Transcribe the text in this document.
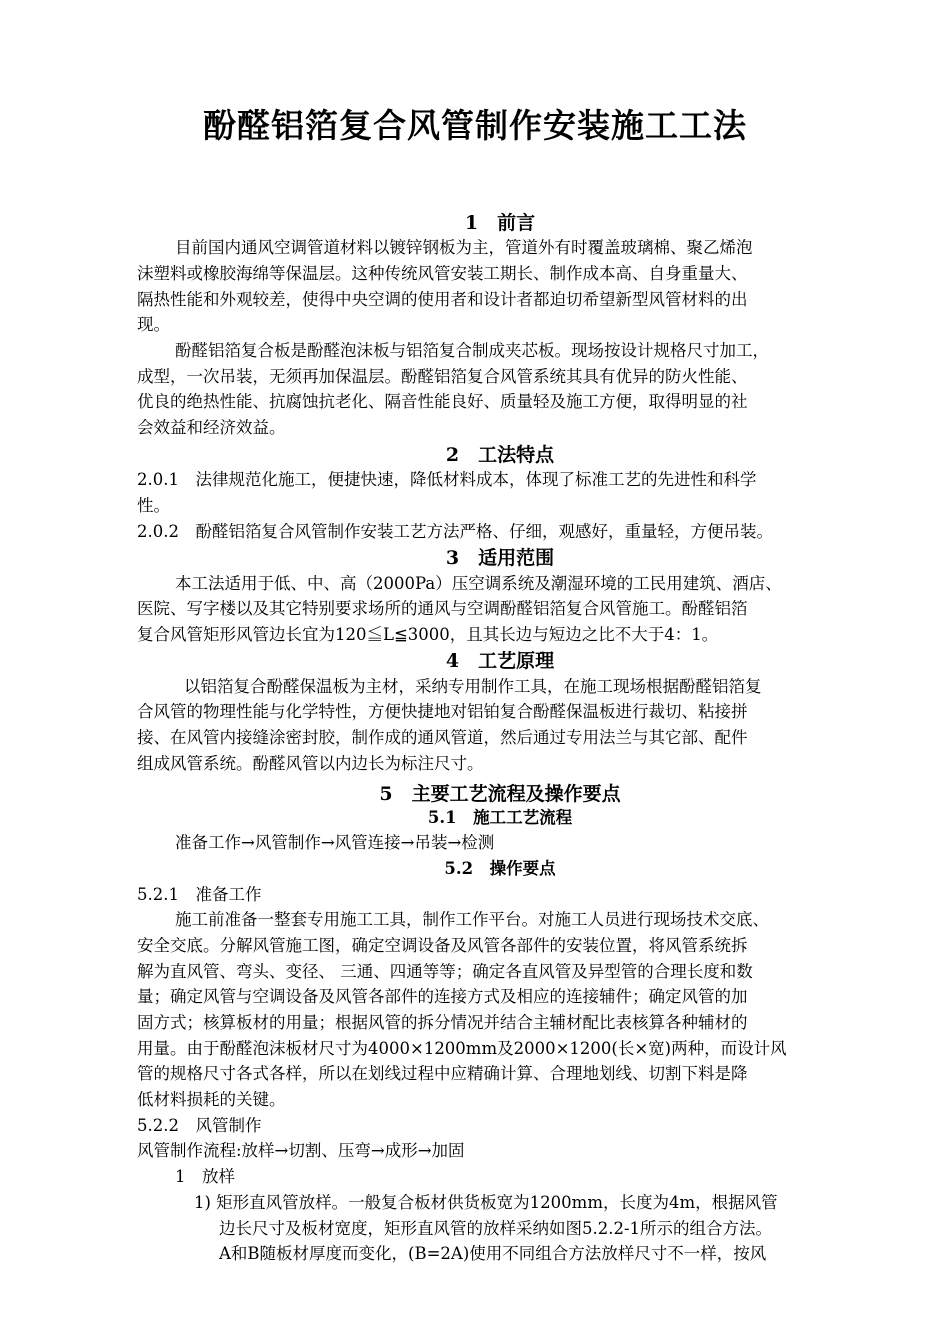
酚醛铝箔复合风管制作安装施工工法
1　前言
目前国内通风空调管道材料以镀锌钢板为主，管道外有时覆盖玻璃棉、聚乙烯泡
沫塑料或橡胶海绵等保温层。这种传统风管安装工期长、制作成本高、自身重量大、
隔热性能和外观较差，使得中央空调的使用者和设计者都迫切希望新型风管材料的出
现。
酚醛铝箔复合板是酚醛泡沫板与铝箔复合制成夹芯板。现场按设计规格尺寸加工，
成型，一次吊装，无须再加保温层。酚醛铝箔复合风管系统其具有优异的防火性能、
优良的绝热性能、抗腐蚀抗老化、隔音性能良好、质量轻及施工方便，取得明显的社
会效益和经济效益。
2　工法特点
2.0.1　法律规范化施工，便捷快速，降低材料成本，体现了标准工艺的先进性和科学
性。
2.0.2　酚醛铝箔复合风管制作安装工艺方法严格、仔细，观感好，重量轻，方便吊装。
3　适用范围
本工法适用于低、中、高（2000Pa）压空调系统及潮湿环境的工民用建筑、酒店、
医院、写字楼以及其它特别要求场所的通风与空调酚醛铝箔复合风管施工。酚醛铝箔
复合风管矩形风管边长宜为120≦L≦3000，且其长边与短边之比不大于4：1。
4　工艺原理
以铝箔复合酚醛保温板为主材，采纳专用制作工具，在施工现场根据酚醛铝箔复
合风管的物理性能与化学特性，方便快捷地对铝铂复合酚醛保温板进行裁切、粘接拼
接、在风管内接缝涂密封胶，制作成的通风管道，然后通过专用法兰与其它部、配件
组成风管系统。酚醛风管以内边长为标注尺寸。
5　主要工艺流程及操作要点
5.1　施工工艺流程
准备工作→风管制作→风管连接→吊装→检测
5.2　操作要点
5.2.1　准备工作
施工前准备一整套专用施工工具，制作工作平台。对施工人员进行现场技术交底、
安全交底。分解风管施工图，确定空调设备及风管各部件的安装位置，将风管系统拆
解为直风管、弯头、变径、 三通、四通等等；确定各直风管及异型管的合理长度和数
量；确定风管与空调设备及风管各部件的连接方式及相应的连接辅件；确定风管的加
固方式；核算板材的用量；根据风管的拆分情况并结合主辅材配比表核算各种辅材的
用量。由于酚醛泡沫板材尺寸为4000×1200mm及2000×1200(长×宽)两种，而设计风
管的规格尺寸各式各样，所以在划线过程中应精确计算、合理地划线、切割下料是降
低材料损耗的关键。
5.2.2　风管制作
风管制作流程:放样→切割、压弯→成形→加固
1　放样
1) 矩形直风管放样。一般复合板材供货板宽为1200mm，长度为4m，根据风管
边长尺寸及板材宽度，矩形直风管的放样采纳如图5.2.2-1所示的组合方法。
A和B随板材厚度而变化，(B=2A)使用不同组合方法放样尺寸不一样，按风
